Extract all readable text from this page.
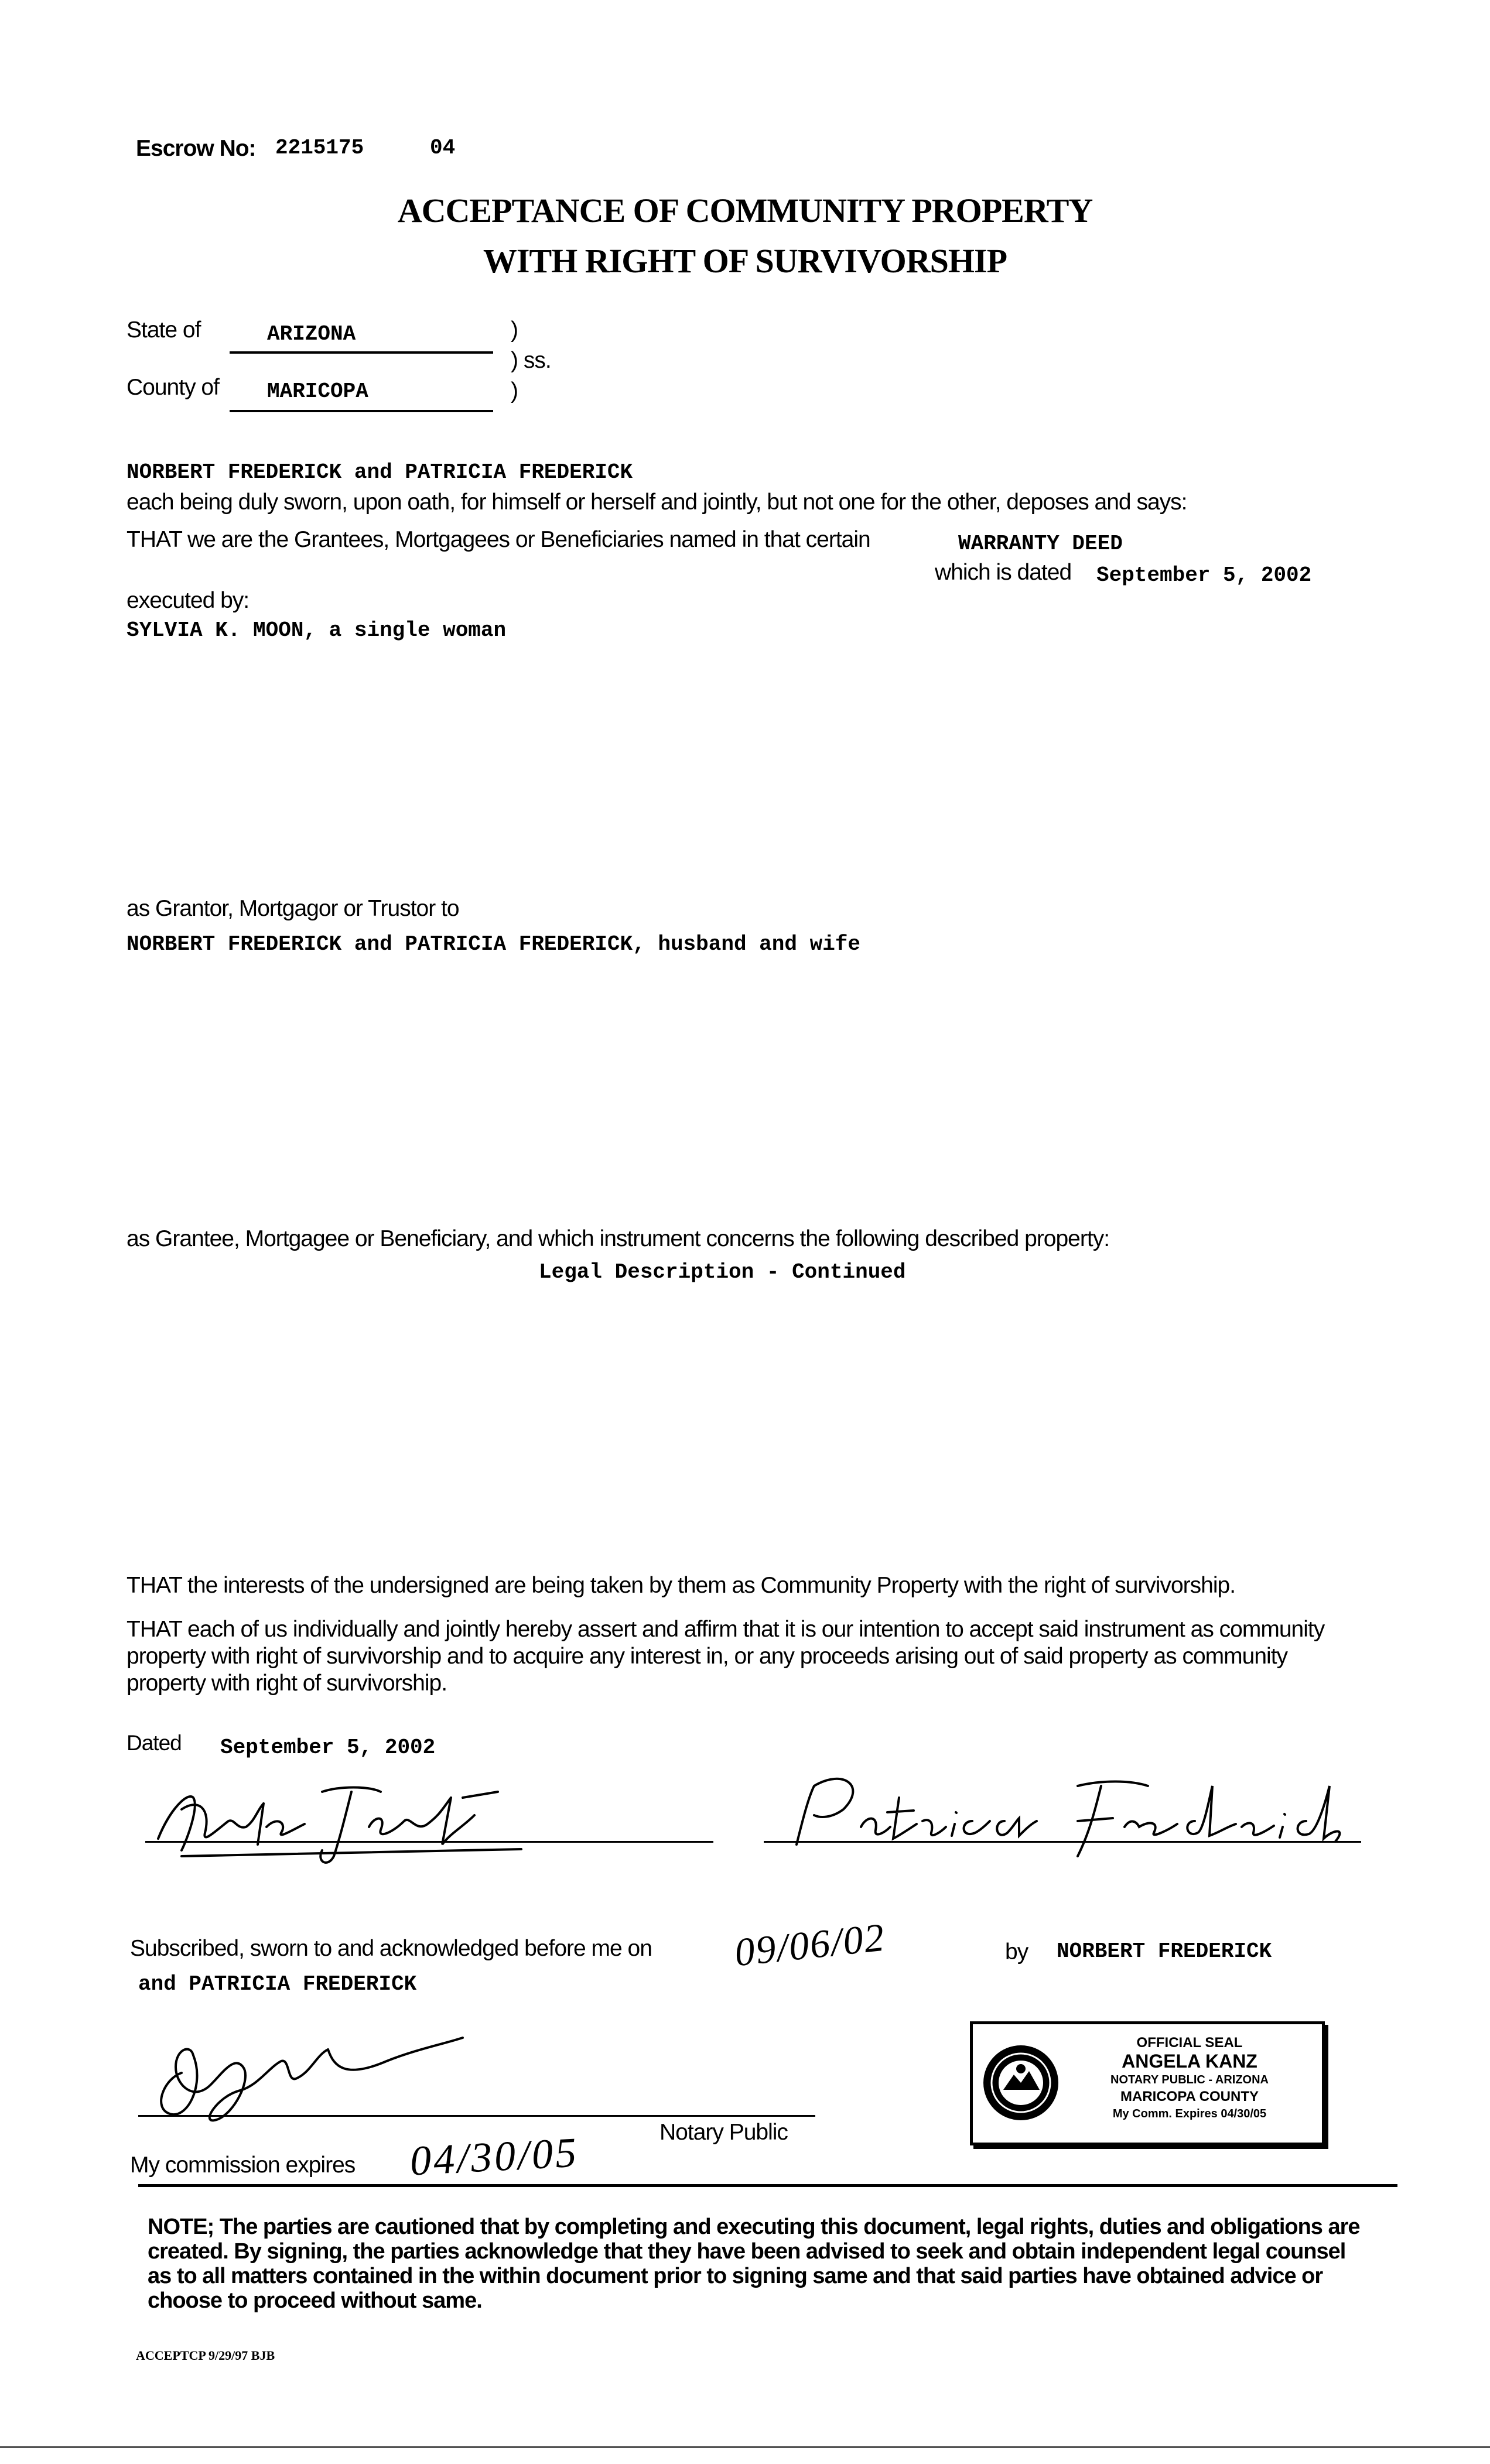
Escrow No: 2215175	04
ACCEPTANCE OF COMMUNITY PROPERTY
WITH RIGHT OF SURVIVORSHIP
State of	ARIZONA	)
) ss.
County of MARICOPA	)
NORBERT FREDERICK and PATRICIA FREDERICK
each being duly sworn, upon oath, for himself or herself and jointly, but not one for the other, deposes and says:
THAT we are the Grantees, Mortgagees or Beneficiaries named in that certain	WARRANTY DEED
which is dated September 5, 2002
executed by:
SYLVIA K. MOON, a single woman
as Grantor, Mortgagor or Trustor to
NORBERT FREDERICK and PATRICIA FREDERICK, husband and wife
as Grantee, Mortgagee or Beneficiary, and which instrument concerns the following described property:
Legal Description - Continued
THAT the interests of the undersigned are being taken by them as Community Property with the right of survivorship.
THAT each of us individually and jointly hereby assert and affirm that it is our intention to accept said instrument as community property with right of survivorship and to acquire any interest in, or any proceeds arising out of said property as community property with right of survivorship.
Dated September 5, 2002
Subscribed, sworn to and acknowledged before me on 09/06/02	by NORBERT FREDERICK
and PATRICIA FREDERICK
Notary Public
My commission expires 04/30/05
OFFICIAL SEAL
ANGELA KANZ
NOTARY PUBLIC - ARIZONA
MARICOPA COUNTY
My Comm. Expires 04/30/05
NOTE; The parties are cautioned that by completing and executing this document, legal rights, duties and obligations are created. By signing, the parties acknowledge that they have been advised to seek and obtain independent legal counsel as to all matters contained in the within document prior to signing same and that said parties have obtained advice or choose to proceed without same.
ACCEPTCP 9/29/97 BJB
